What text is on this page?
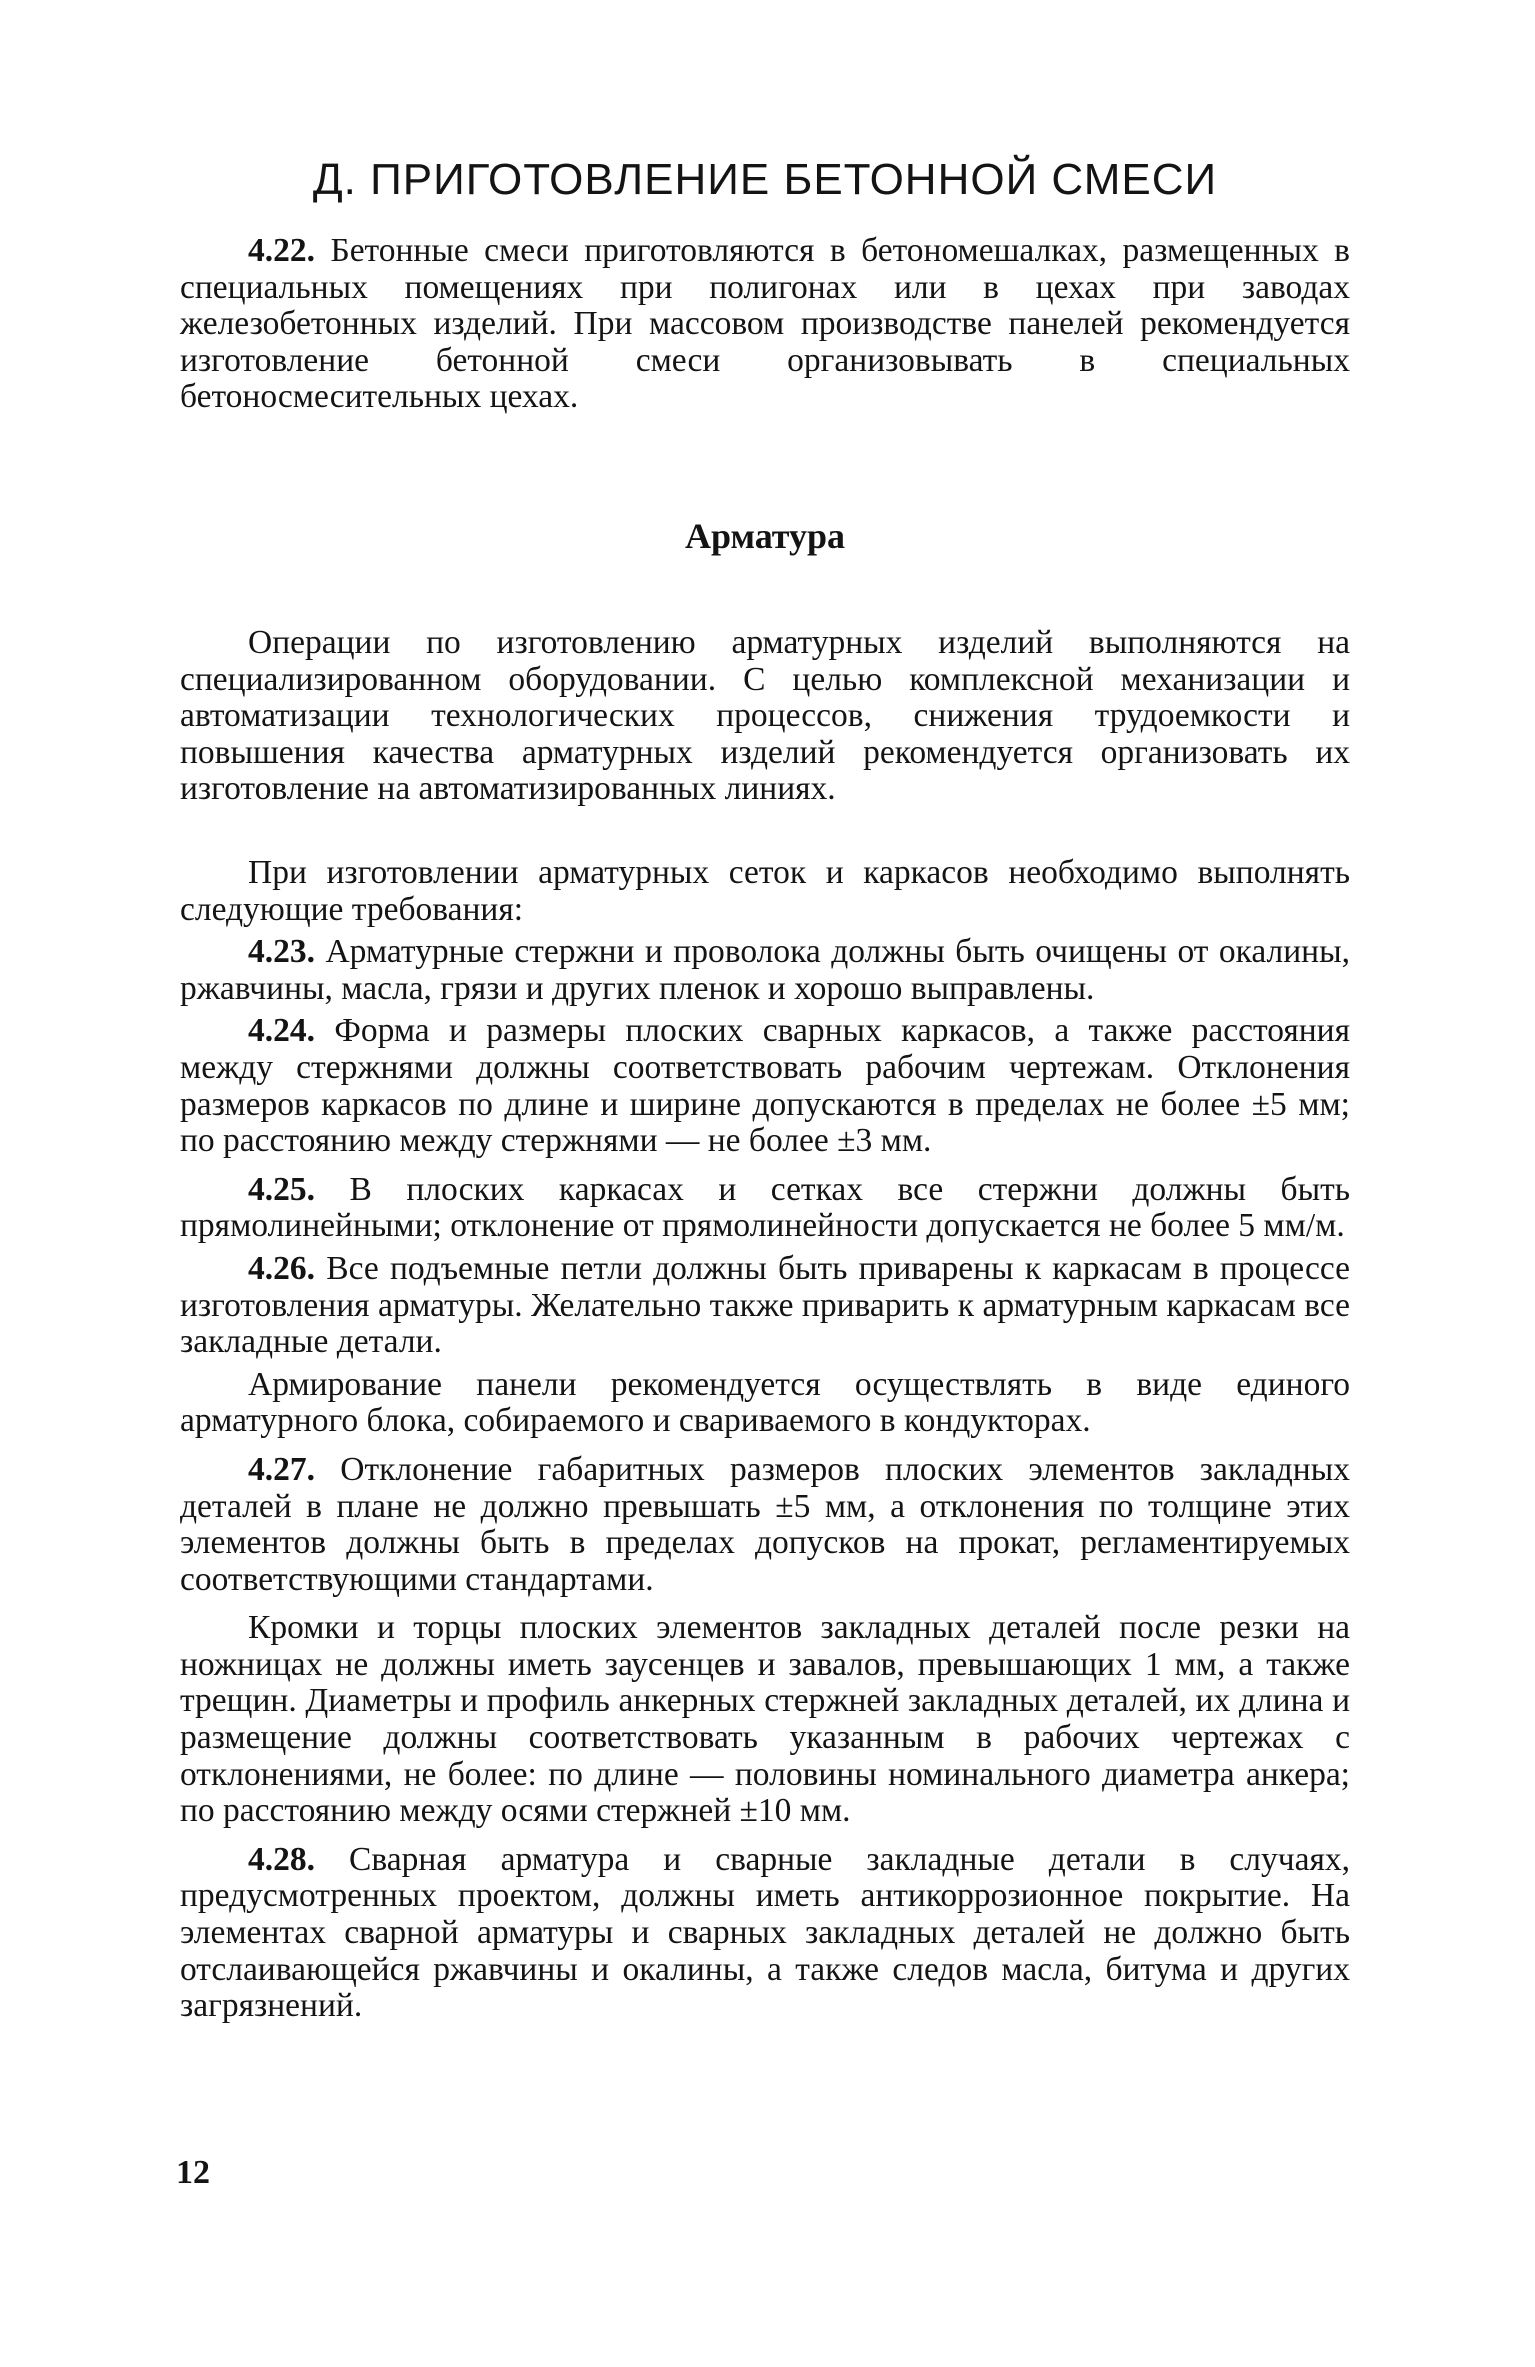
Д. ПРИГОТОВЛЕНИЕ БЕТОННОЙ СМЕСИ

4.22. Бетонные смеси приготовляются в бетономешалках, размещенных в специальных помещениях при полигонах или в цехах при заводах железобетонных изделий. При массовом производстве панелей рекомендуется изготовление бетонной смеси организовывать в специальных бетоносмесительных цехах.

Арматура

Операции по изготовлению арматурных изделий выполняются на специализированном оборудовании. С целью комплексной механизации и автоматизации технологических процессов, снижения трудоемкости и повышения качества арматурных изделий рекомендуется организовать их изготовление на автоматизированных линиях.

При изготовлении арматурных сеток и каркасов необходимо выполнять следующие требования:

4.23. Арматурные стержни и проволока должны быть очищены от окалины, ржавчины, масла, грязи и других пленок и хорошо выправлены.

4.24. Форма и размеры плоских сварных каркасов, а также расстояния между стержнями должны соответствовать рабочим чертежам. Отклонения размеров каркасов по длине и ширине допускаются в пределах не более ±5 мм; по расстоянию между стержнями — не более ±3 мм.

4.25. В плоских каркасах и сетках все стержни должны быть прямолинейными; отклонение от прямолинейности допускается не более 5 мм/м.

4.26. Все подъемные петли должны быть приварены к каркасам в процессе изготовления арматуры. Желательно также приварить к арматурным каркасам все закладные детали.

Армирование панели рекомендуется осуществлять в виде единого арматурного блока, собираемого и свариваемого в кондукторах.

4.27. Отклонение габаритных размеров плоских элементов закладных деталей в плане не должно превышать ±5 мм, а отклонения по толщине этих элементов должны быть в пределах допусков на прокат, регламентируемых соответствующими стандартами.

Кромки и торцы плоских элементов закладных деталей после резки на ножницах не должны иметь заусенцев и завалов, превышающих 1 мм, а также трещин. Диаметры и профиль анкерных стержней закладных деталей, их длина и размещение должны соответствовать указанным в рабочих чертежах с отклонениями, не более: по длине — половины номинального диаметра анкера; по расстоянию между осями стержней ±10 мм.

4.28. Сварная арматура и сварные закладные детали в случаях, предусмотренных проектом, должны иметь антикоррозионное покрытие. На элементах сварной арматуры и сварных закладных деталей не должно быть отслаивающейся ржавчины и окалины, а также следов масла, битума и других загрязнений.

12
